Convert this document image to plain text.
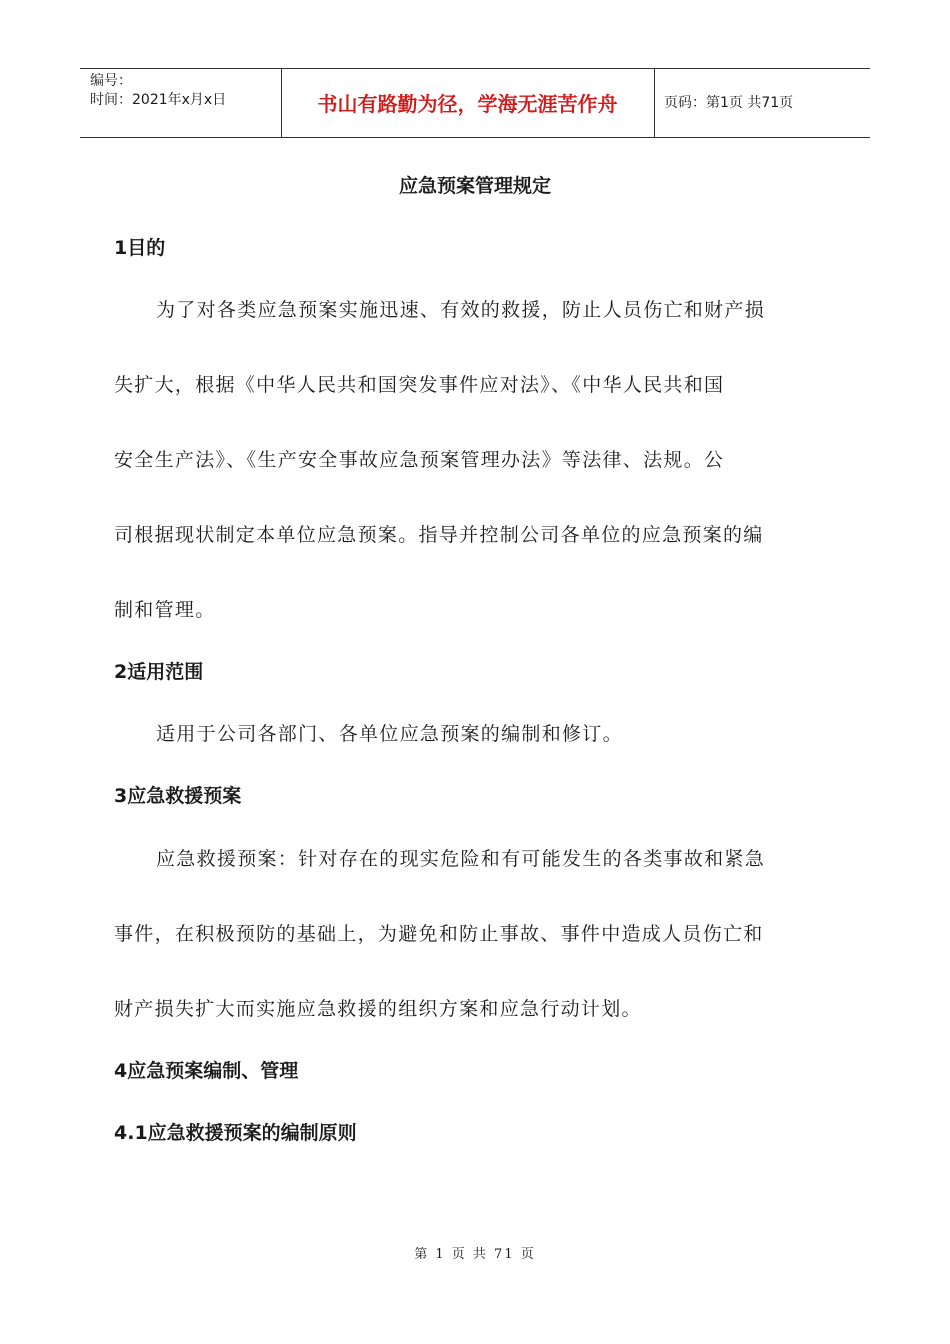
编号：
时间：2021年x月x日	书山有路勤为径，学海无涯苦作舟	页码：第1页 共71页
应急预案管理规定
1目的
为了对各类应急预案实施迅速、有效的救援，防止人员伤亡和财产损
失扩大，根据《中华人民共和国突发事件应对法》、《中华人民共和国
安全生产法》、《生产安全事故应急预案管理办法》等法律、法规。公
司根据现状制定本单位应急预案。指导并控制公司各单位的应急预案的编
制和管理。
2适用范围
适用于公司各部门、各单位应急预案的编制和修订。
3应急救援预案
应急救援预案：针对存在的现实危险和有可能发生的各类事故和紧急
事件，在积极预防的基础上，为避免和防止事故、事件中造成人员伤亡和
财产损失扩大而实施应急救援的组织方案和应急行动计划。
4应急预案编制、管理
4.1应急救援预案的编制原则
第 1 页 共 71 页
